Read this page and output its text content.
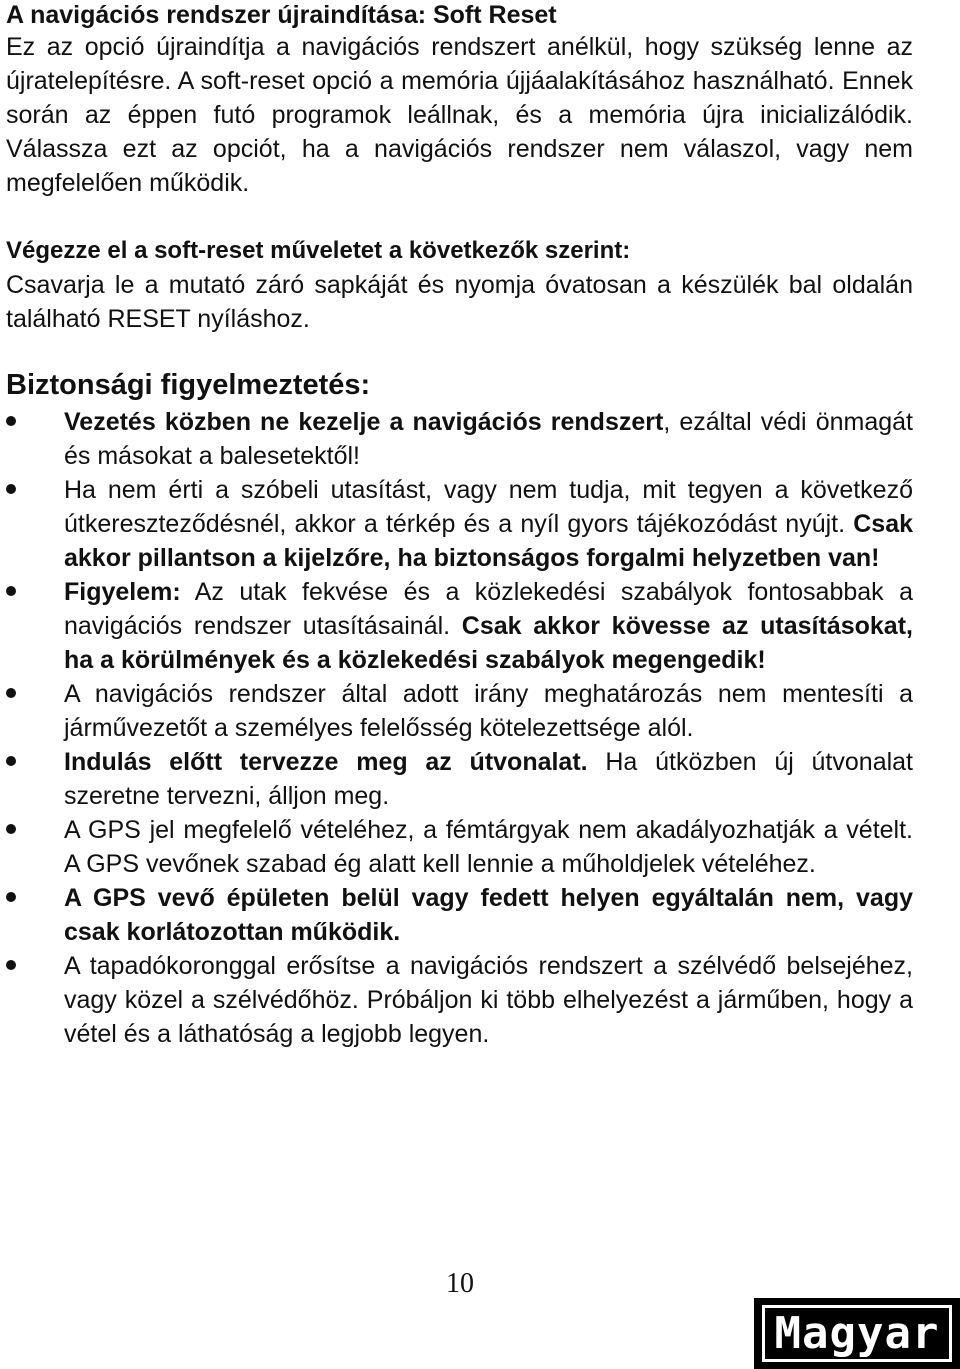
A navigációs rendszer újraindítása: Soft Reset

Ez az opció újraindítja a navigációs rendszert anélkül, hogy szükség lenne az újratelepítésre. A soft-reset opció a memória újjáalakításához használható. Ennek során az éppen futó programok leállnak, és a memória újra inicializálódik. Válassza ezt az opciót, ha a navigációs rendszer nem válaszol, vagy nem megfelelően működik.

Végezze el a soft-reset műveletet a következők szerint:

Csavarja le a mutató záró sapkáját és nyomja óvatosan a készülék bal oldalán található RESET nyíláshoz.

Biztonsági figyelmeztetés:

Vezetés közben ne kezelje a navigációs rendszert, ezáltal védi önmagát és másokat a balesetektől!
Ha nem érti a szóbeli utasítást, vagy nem tudja, mit tegyen a következő útkereszteződésnél, akkor a térkép és a nyíl gyors tájékozódást nyújt. Csak akkor pillantson a kijelzőre, ha biztonságos forgalmi helyzetben van!
Figyelem: Az utak fekvése és a közlekedési szabályok fontosabbak a navigációs rendszer utasításainál. Csak akkor kövesse az utasításokat, ha a körülmények és a közlekedési szabályok megengedik!
A navigációs rendszer által adott irány meghatározás nem mentesíti a járművezetőt a személyes felelősség kötelezettsége alól.
Indulás előtt tervezze meg az útvonalat. Ha útközben új útvonalat szeretne tervezni, álljon meg.
A GPS jel megfelelő vételéhez, a fémtárgyak nem akadályozhatják a vételt. A GPS vevőnek szabad ég alatt kell lennie a műholdjelek vételéhez.
A GPS vevő épületen belül vagy fedett helyen egyáltalán nem, vagy csak korlátozottan működik.
A tapadókoronggal erősítse a navigációs rendszert a szélvédő belsejéhez, vagy közel a szélvédőhöz. Próbáljon ki több elhelyezést a járműben, hogy a vétel és a láthatóság a legjobb legyen.
10
Magyar
